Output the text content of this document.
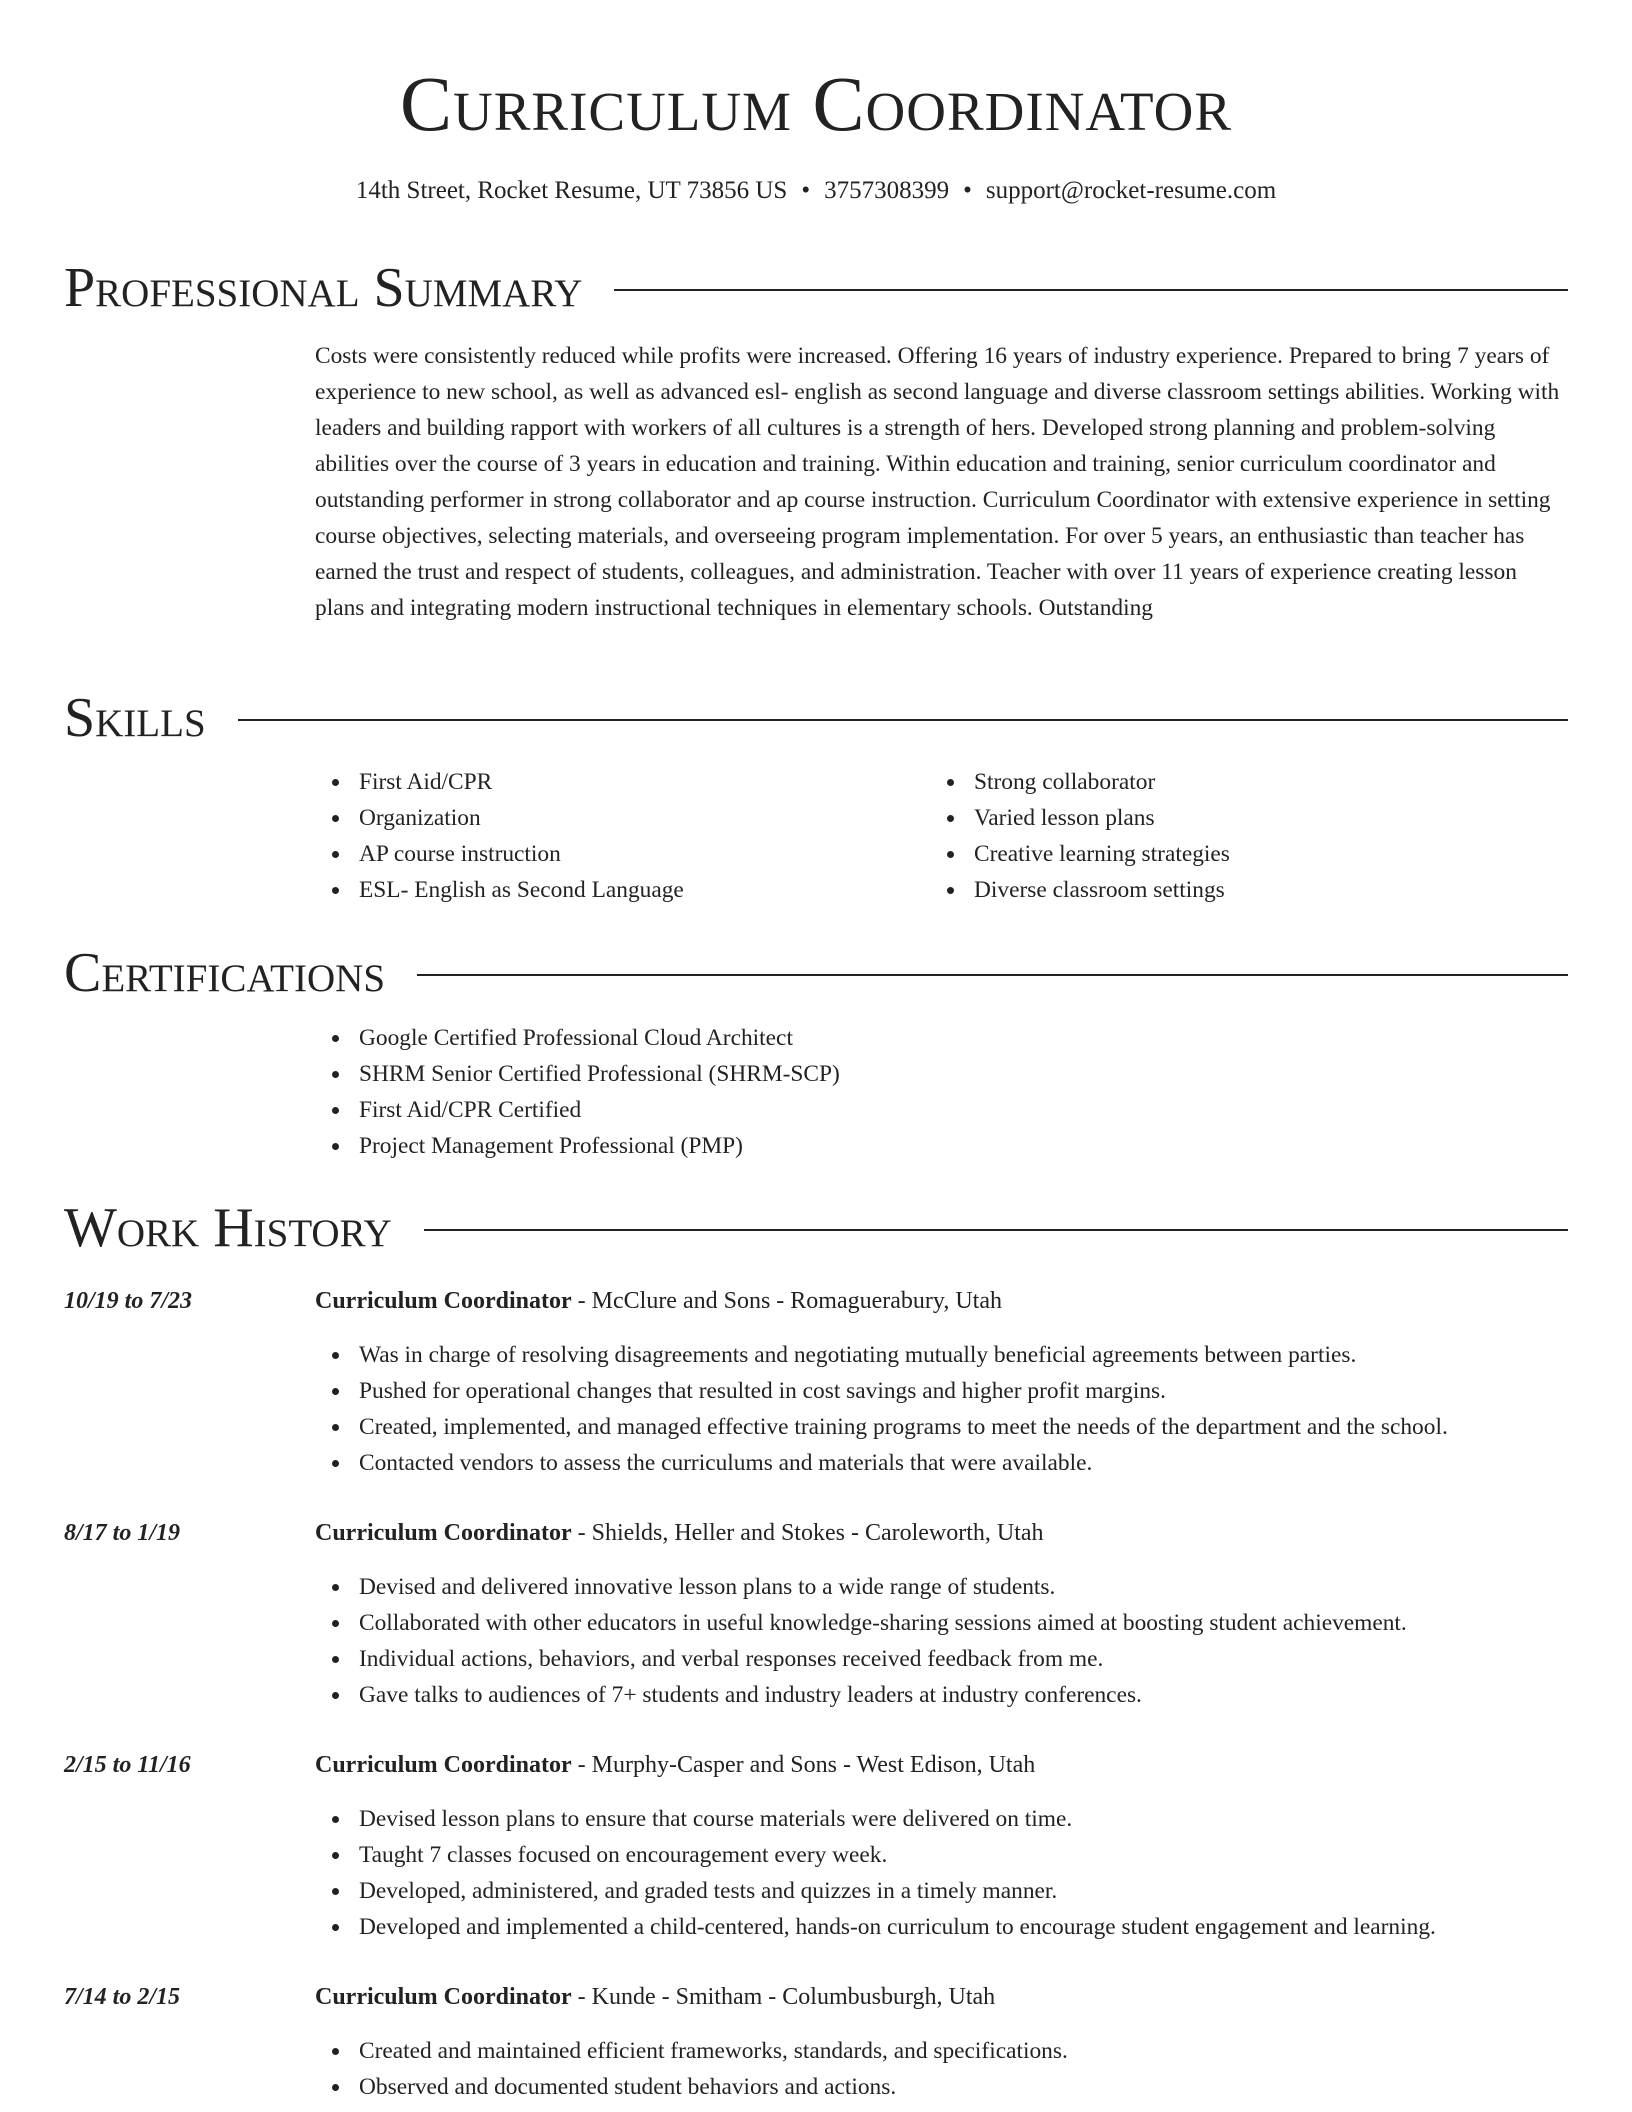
Curriculum Coordinator
14th Street, Rocket Resume, UT 73856 US • 3757308399 • support@rocket-resume.com
Professional Summary

Costs were consistently reduced while profits were increased. Offering 16 years of industry experience. Prepared to bring 7 years of experience to new school, as well as advanced esl- english as second language and diverse classroom settings abilities. Working with leaders and building rapport with workers of all cultures is a strength of hers. Developed strong planning and problem-solving abilities over the course of 3 years in education and training. Within education and training, senior curriculum coordinator and outstanding performer in strong collaborator and ap course instruction. Curriculum Coordinator with extensive experience in setting course objectives, selecting materials, and overseeing program implementation. For over 5 years, an enthusiastic than teacher has earned the trust and respect of students, colleagues, and administration. Teacher with over 11 years of experience creating lesson plans and integrating modern instructional techniques in elementary schools. Outstanding

Skills
First Aid/CPR
Organization
AP course instruction
ESL- English as Second Language
Strong collaborator
Varied lesson plans
Creative learning strategies
Diverse classroom settings
Certifications
Google Certified Professional Cloud Architect
SHRM Senior Certified Professional (SHRM-SCP)
First Aid/CPR Certified
Project Management Professional (PMP)
Work History
10/19 to 7/23	Curriculum Coordinator - McClure and Sons - Romaguerabury, Utah
Was in charge of resolving disagreements and negotiating mutually beneficial agreements between parties.
Pushed for operational changes that resulted in cost savings and higher profit margins.
Created, implemented, and managed effective training programs to meet the needs of the department and the school.
Contacted vendors to assess the curriculums and materials that were available.
8/17 to 1/19	Curriculum Coordinator - Shields, Heller and Stokes - Caroleworth, Utah
Devised and delivered innovative lesson plans to a wide range of students.
Collaborated with other educators in useful knowledge-sharing sessions aimed at boosting student achievement.
Individual actions, behaviors, and verbal responses received feedback from me.
Gave talks to audiences of 7+ students and industry leaders at industry conferences.
2/15 to 11/16	Curriculum Coordinator - Murphy-Casper and Sons - West Edison, Utah
Devised lesson plans to ensure that course materials were delivered on time.
Taught 7 classes focused on encouragement every week.
Developed, administered, and graded tests and quizzes in a timely manner.
Developed and implemented a child-centered, hands-on curriculum to encourage student engagement and learning.
7/14 to 2/15	Curriculum Coordinator - Kunde - Smitham - Columbusburgh, Utah
Created and maintained efficient frameworks, standards, and specifications.
Observed and documented student behaviors and actions.
